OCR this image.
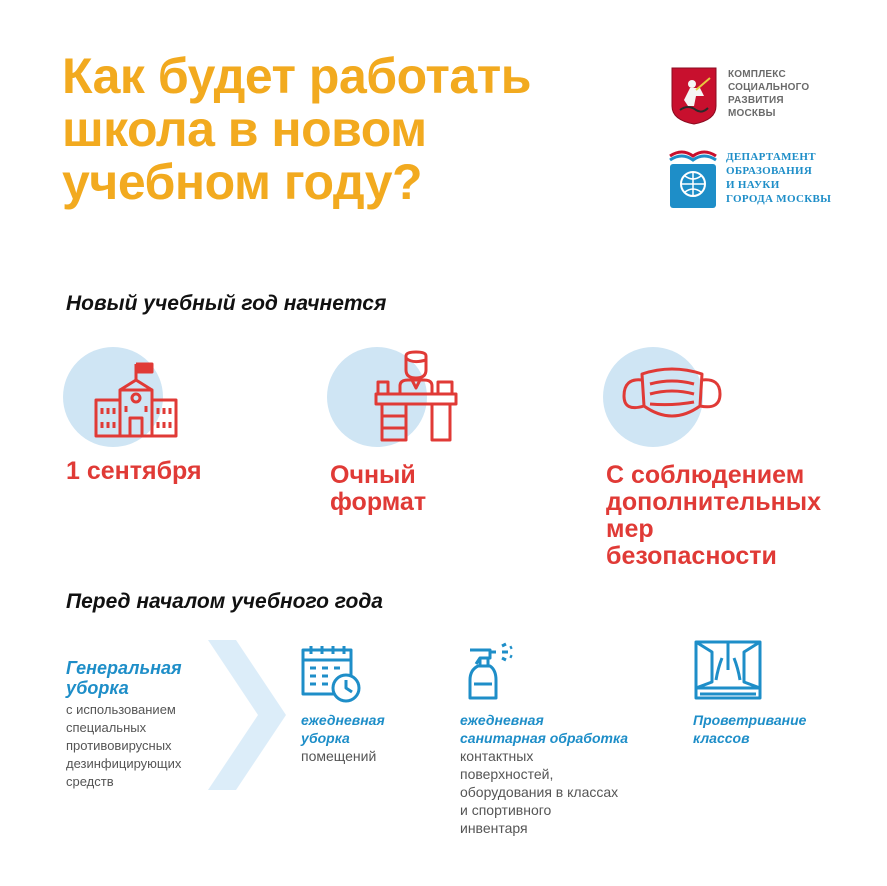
Как будет работать
школа в новом
учебном году?
КОМПЛЕКС
СОЦИАЛЬНОГО
РАЗВИТИЯ
МОСКВЫ
ДЕПАРТАМЕНТ
ОБРАЗОВАНИЯ
И НАУКИ
ГОРОДА МОСКВЫ
Новый учебный год начнется
1 сентября	Очный
формат
С соблюдением
дополнительных
мер
безопасности
Перед началом учебного года
Генеральная
уборка
с использованием
специальных
противовирусных
дезинфицирующих
средств
ежедневная
уборка
помещений
ежедневная
санитарная обработка
контактных
поверхностей,
оборудования в классах
и спортивного
инвентаря
Проветривание
классов
